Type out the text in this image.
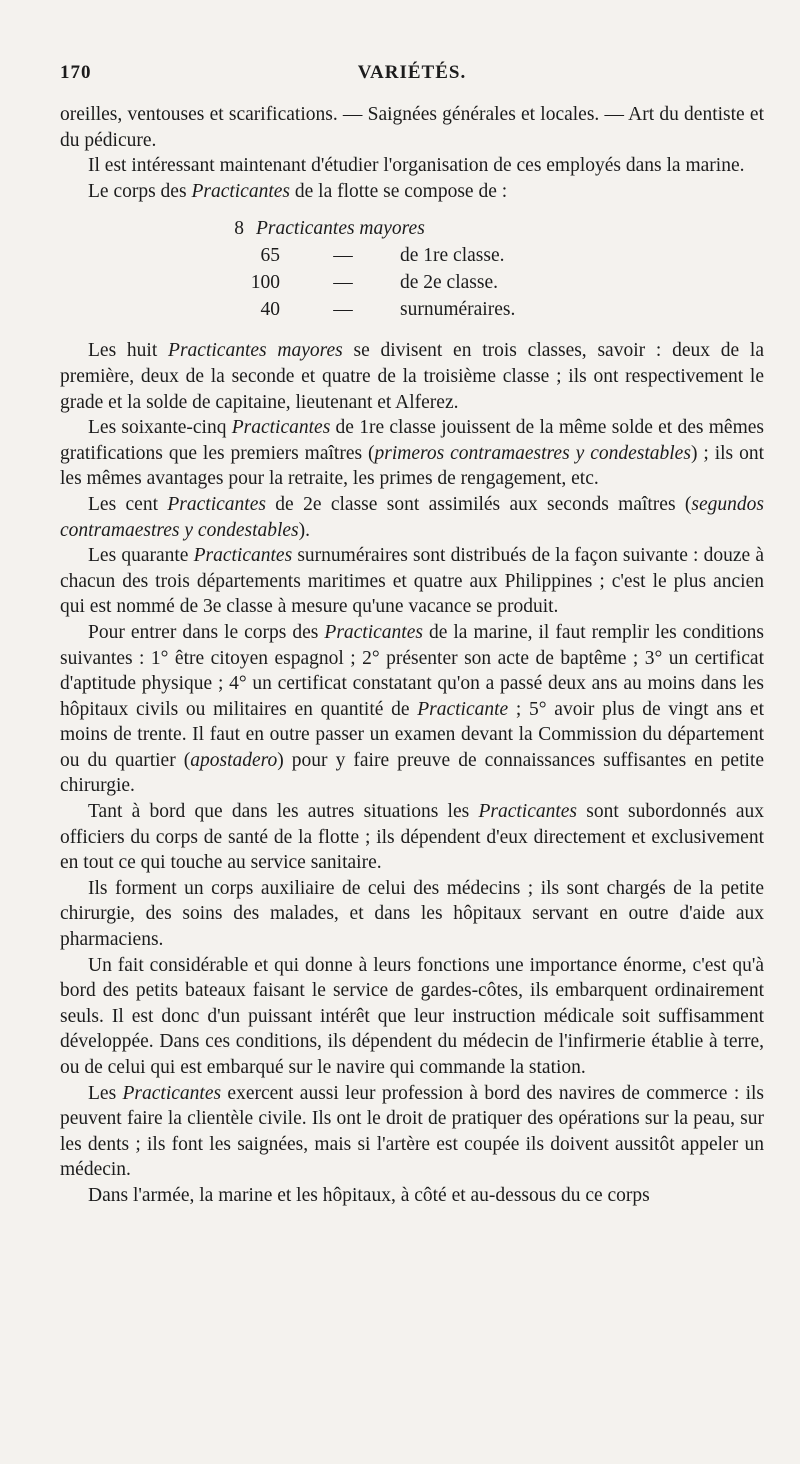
170	VARIÉTÉS.

oreilles, ventouses et scarifications. — Saignées générales et locales. — Art du dentiste et du pédicure.

Il est intéressant maintenant d'étudier l'organisation de ces employés dans la marine.

Le corps des Practicantes de la flotte se compose de :

8 Practicantes mayores
65	—	de 1re classe.
100	—	de 2e classe.
40	—	surnuméraires.

Les huit Practicantes mayores se divisent en trois classes, savoir : deux de la première, deux de la seconde et quatre de la troisième classe ; ils ont respectivement le grade et la solde de capitaine, lieutenant et Alferez.

Les soixante-cinq Practicantes de 1re classe jouissent de la même solde et des mêmes gratifications que les premiers maîtres (primeros contramaestres y condestables) ; ils ont les mêmes avantages pour la retraite, les primes de rengagement, etc.

Les cent Practicantes de 2e classe sont assimilés aux seconds maîtres (segundos contramaestres y condestables).

Les quarante Practicantes surnuméraires sont distribués de la façon suivante : douze à chacun des trois départements maritimes et quatre aux Philippines ; c'est le plus ancien qui est nommé de 3e classe à mesure qu'une vacance se produit.

Pour entrer dans le corps des Practicantes de la marine, il faut remplir les conditions suivantes : 1° être citoyen espagnol ; 2° présenter son acte de baptême ; 3° un certificat d'aptitude physique ; 4° un certificat constatant qu'on a passé deux ans au moins dans les hôpitaux civils ou militaires en quantité de Practicante ; 5° avoir plus de vingt ans et moins de trente. Il faut en outre passer un examen devant la Commission du département ou du quartier (apostadero) pour y faire preuve de connaissances suffisantes en petite chirurgie.

Tant à bord que dans les autres situations les Practicantes sont subordonnés aux officiers du corps de santé de la flotte ; ils dépendent d'eux directement et exclusivement en tout ce qui touche au service sanitaire.

Ils forment un corps auxiliaire de celui des médecins ; ils sont chargés de la petite chirurgie, des soins des malades, et dans les hôpitaux servant en outre d'aide aux pharmaciens.

Un fait considérable et qui donne à leurs fonctions une importance énorme, c'est qu'à bord des petits bateaux faisant le service de gardes-côtes, ils embarquent ordinairement seuls. Il est donc d'un puissant intérêt que leur instruction médicale soit suffisamment développée. Dans ces conditions, ils dépendent du médecin de l'infirmerie établie à terre, ou de celui qui est embarqué sur le navire qui commande la station.

Les Practicantes exercent aussi leur profession à bord des navires de commerce : ils peuvent faire la clientèle civile. Ils ont le droit de pratiquer des opérations sur la peau, sur les dents ; ils font les saignées, mais si l'artère est coupée ils doivent aussitôt appeler un médecin.

Dans l'armée, la marine et les hôpitaux, à côté et au-dessous du ce corps
